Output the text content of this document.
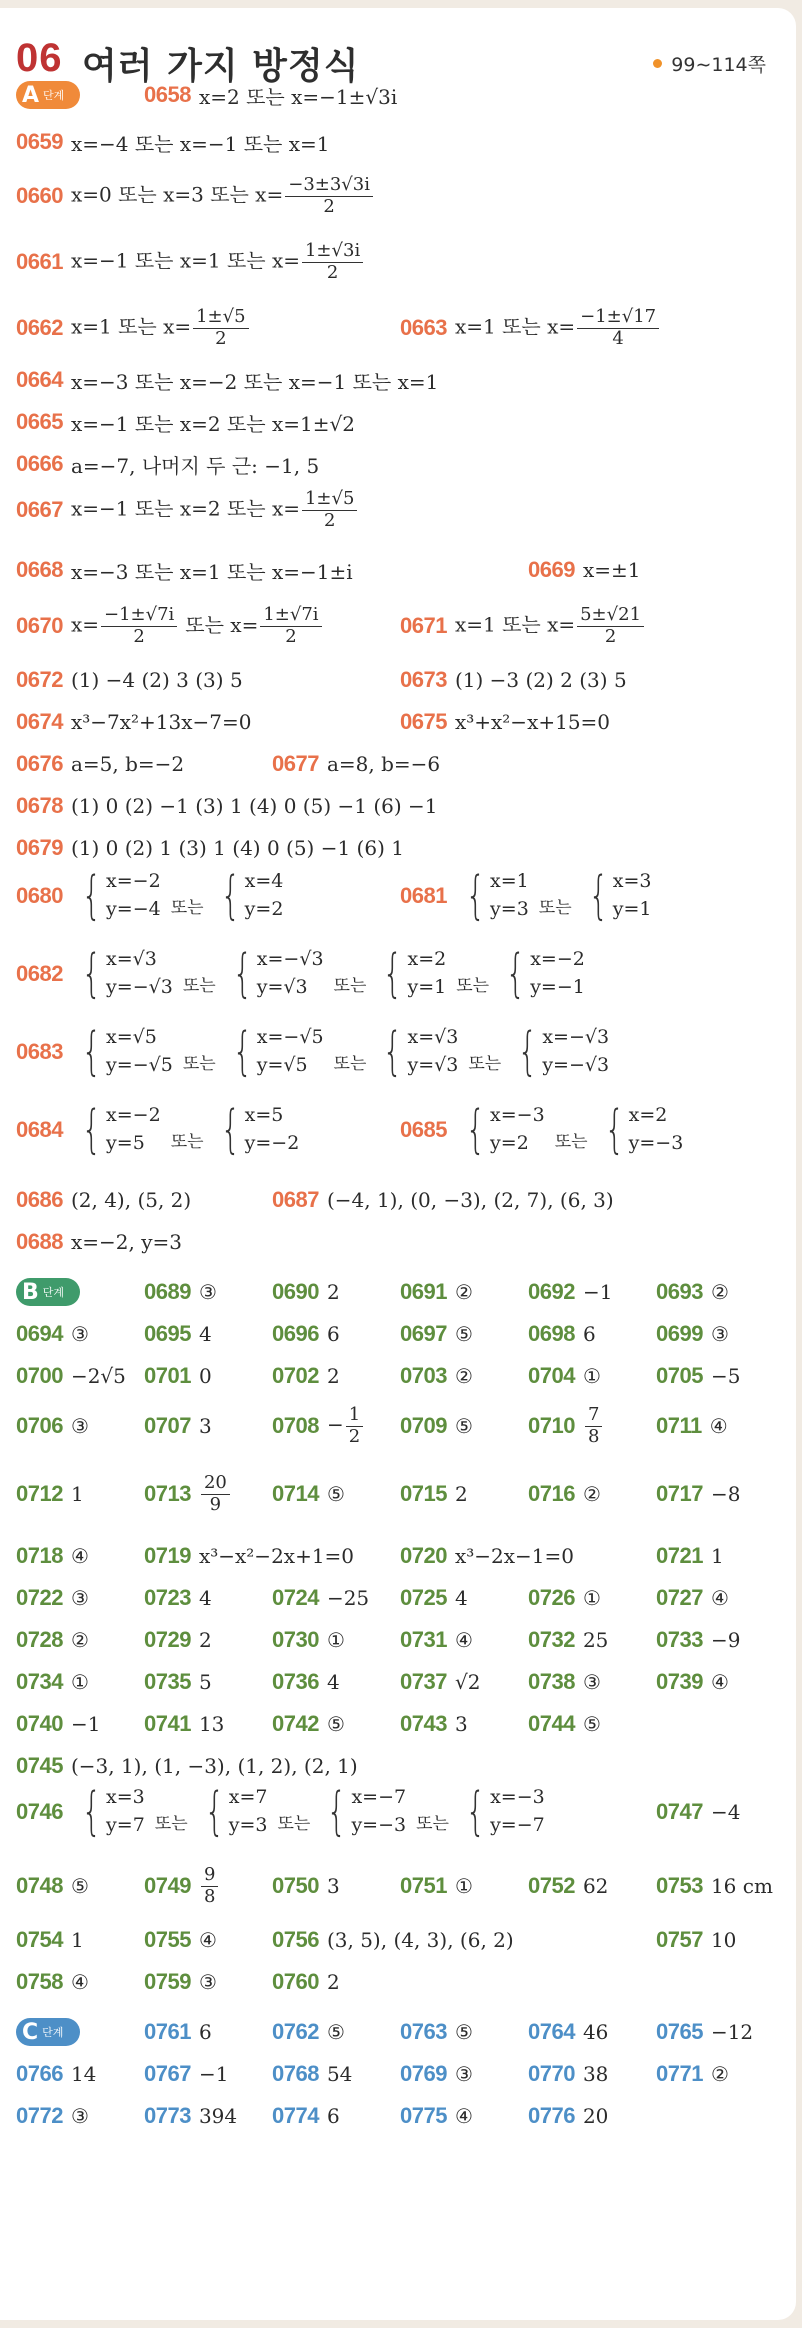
06 여러 가지 방정식	99∼114쪽
A 단계	0658 x=2 또는 x=−1±√3i
0659 x=−4 또는 x=−1 또는 x=1
0660 x=0 또는 x=3 또는 $x= \frac{-3\pm 3√3i}{2}$
0661 x=−1 또는 x=1 또는 $x= \frac{1\pm√3i}{2}$
0662 x=1 또는 $x= \frac{1\pm√5}{2}$	0663 x=1 또는 $x= \frac{-1\pm√17}{4}$
0664 x=−3 또는 x=−2 또는 x=−1 또는 x=1
0665 x=−1 또는 x=2 또는 x=1±√2
0666 a=−7, 나머지 두 근: −1, 5
0667 x=−1 또는 x=2 또는 $x= \frac{1\pm√5}{2}$
0668 x=−3 또는 x=1 또는 x=−1±i	0669 x=±1
0670 $x= \frac{-1\pm√7i}{2}$ 또는 $x= \frac{1\pm√7i}{2}$	0671 x=1 또는 $x= \frac{5\pm√21}{2}$
0672 (1) −4 (2) 3 (3) 5	0673 (1) −3 (2) 2 (3) 5
0674 x³−7x²+13x−7=0	0675 x³+x²−x+15=0
0676 a=5, b=−2	0677 a=8, b=−6
0678 (1) 0 (2) −1 (3) 1 (4) 0 (5) −1 (6) −1
0679 (1) 0 (2) 1 (3) 1 (4) 0 (5) −1 (6) 1
0680 { x=−2
y=−4 또는 { x=4
y=2
0681 { x=1
y=3 또는 { x=3
y=1
0682 { x=√3
y=−√3 또는 { x=−√3
y=√3	또는 { x=2
y=1 또는 { x=−2
y=−1
0683 { x=√5
y=−√5 또는 { x=−√5
y=√5	또는 { x=√3
y=√3 또는 { x=−√3
y=−√3
0684 { x=−2
y=5	또는 { x=5
y=−2
0685 { x=−3
y=2	또는 { x=2
y=−3
0686 (2, 4), (5, 2)	0687 (−4, 1), (0, −3), (2, 7), (6, 3)
0688 x=−2, y=3
B 단계	0689 ③	0690 2	0691 ②	0692 −1 0693 ②
0694 ③	0695 4	0696 6	0697 ⑤	0698 6	0699 ③
0700 −2√5 0701 0	0702 2	0703 ②	0704 ①	0705 −5
0706 ③	0707 3	$0708 - \frac{1}{2} 0709$ ⑤	$0710 \frac{7}{8} 0711$ ④
0712 1	$0713 \frac{20}{9} 0714$ ⑤	0715 2	0716 ②	0717 −8
0718 ④	0719 x³−x²−2x+1=0 0720 x³−2x−1=0	0721 1
0722 ③	0723 4	0724 −25 0725 4	0726 ①	0727 ④
0728 ②	0729 2	0730 ①	0731 ④	0732 25 0733 −9
0734 ①	0735 5	0736 4	0737 √2 0738 ③	0739 ④
0740 −1 0741 13 0742 ⑤	0743 3	0744 ⑤
0745 (−3, 1), (1, −3), (1, 2), (2, 1)
0746 { x=3
y=7 또는 { x=7
y=3 또는 { x=−7
y=−3 또는 { x=−3
y=−7
0747 −4
0748 ⑤	$0749 \frac{9}{8} 0750$ 3	0751 ①	0752 62 0753 16 cm
0754 1	0755 ④	0756 (3, 5), (4, 3), (6, 2)	0757 10
0758 ④	0759 ③	0760 2
C 단계	0761 6	0762 ⑤	0763 ⑤	0764 46 0765 −12
0766 14 0767 −1 0768 54 0769 ③	0770 38 0771 ②
0772 ③	0773 394 0774 6	0775 ④	0776 20
